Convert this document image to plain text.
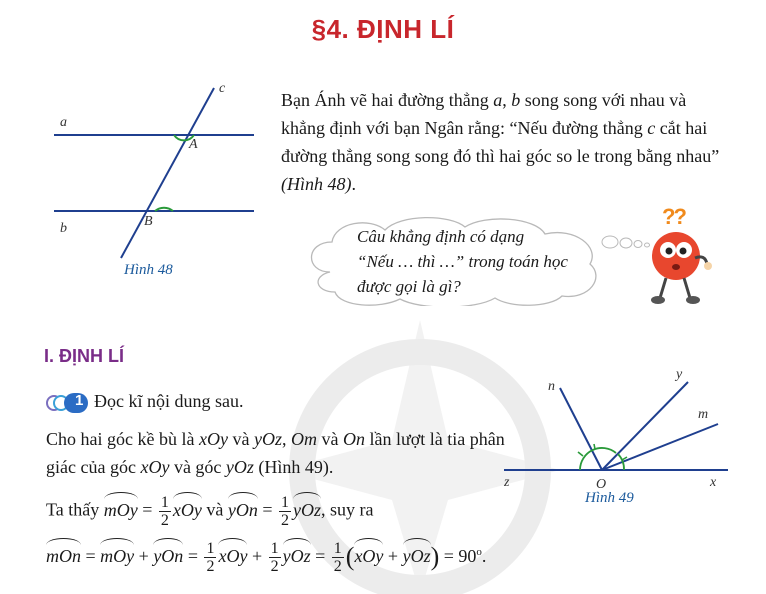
§4. ĐỊNH LÍ
c
a
A
b	B
Hình 48
Bạn Ánh vẽ hai đường thẳng a, b song song với nhau và khẳng định với bạn Ngân rằng: “Nếu đường thẳng c cắt hai đường thẳng song song đó thì hai góc so le trong bằng nhau” (Hình 48).
Câu khẳng định có dạng
“Nếu … thì …” trong toán học
được gọi là gì?
??
I. ĐỊNH LÍ
1 Đọc kĩ nội dung sau.
Cho hai góc kề bù là xOy và yOz, Om và On lần lượt là tia phân giác của góc xOy và góc yOz (Hình 49).
Ta thấy mOy = $\frac{1}{2}$ xOy và yOn = $\frac{1}{2}$ yOz, suy ra
mOn = mOy + yOn = $\frac{1}{2}$ xOy + $\frac{1}{2}$ yOz = $\frac{1}{2} (xOy + yOz) = 90^o$.
n
y
m
z	O	x
Hình 49
